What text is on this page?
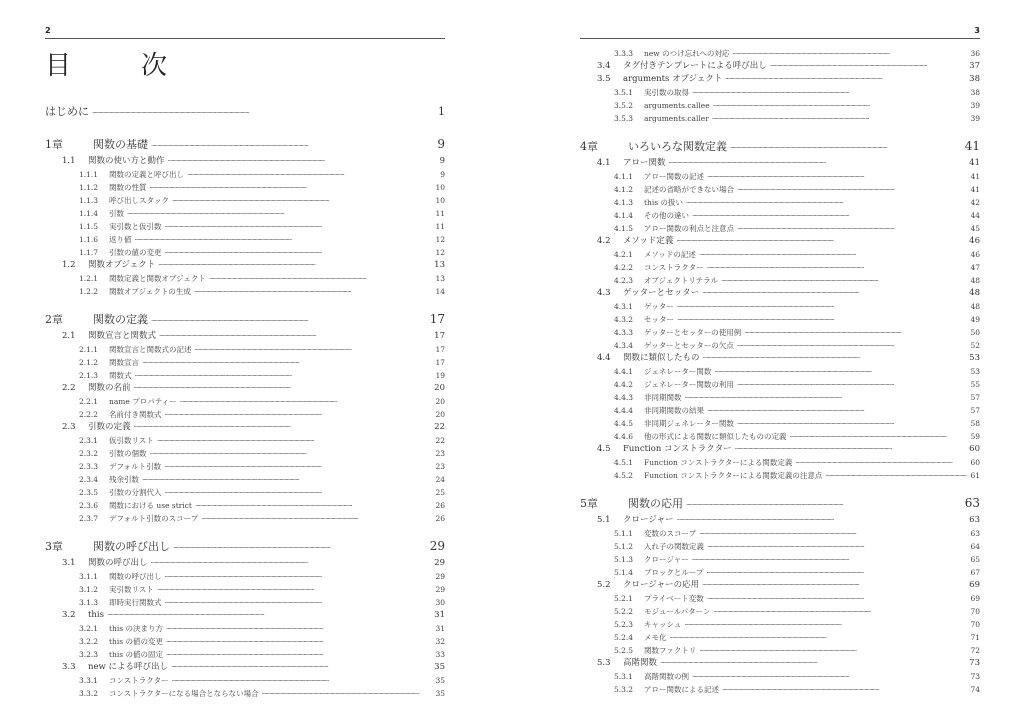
2
目　次
はじめに ·····	1
1章	関数の基礎 ·····	9
1.1	関数の使い方と動作 ·····	9
1.1.1	関数の定義と呼び出し ·····	9
1.1.2	関数の性質 ·····	10
1.1.3	呼び出しスタック ·····	10
1.1.4	引数 ·····	11
1.1.5	実引数と仮引数 ·····	11
1.1.6	返り値 ·····	12
1.1.7	引数の値の変更 ·····	12
1.2	関数オブジェクト ·····	13
1.2.1	関数定義と関数オブジェクト ·····	13
1.2.2	関数オブジェクトの生成 ·····	14
2章	関数の定義 ·····	17
2.1	関数宣言と関数式 ·····	17
2.1.1	関数宣言と関数式の記述 ·····	17
2.1.2	関数宣言 ·····	17
2.1.3	関数式 ·····	19
2.2	関数の名前 ·····	20
2.2.1	name プロパティー ·····	20
2.2.2	名前付き関数式 ·····	20
2.3	引数の定義 ·····	22
2.3.1	仮引数リスト ·····	22
2.3.2	引数の個数 ·····	23
2.3.3	デフォルト引数 ·····	23
2.3.4	残余引数 ·····	24
2.3.5	引数の分割代入 ·····	25
2.3.6	関数における use strict ·····	26
2.3.7	デフォルト引数のスコープ ·····	26
3章	関数の呼び出し ·····	29
3.1	関数の呼び出し ·····	29
3.1.1	関数の呼び出し ·····	29
3.1.2	実引数リスト ·····	29
3.1.3	即時実行関数式 ·····	30
3.2	this ·····	31
3.2.1	this の決まり方 ·····	31
3.2.2	this の値の変更 ·····	32
3.2.3	this の値の固定 ·····	33
3.3	new による呼び出し ·····	35
3.3.1	コンストラクター ·····	35
3.3.2	コンストラクターになる場合とならない場合 ·····	35
3
3.3.3	new のつけ忘れへの対応 ·····	36
3.4	タグ付きテンプレートによる呼び出し ·····	37
3.5	arguments オブジェクト ·····	38
3.5.1	実引数の取得 ·····	38
3.5.2	arguments.callee ·····	39
3.5.3	arguments.caller ·····	39
4章	いろいろな関数定義 ·····	41
4.1	アロー関数 ·····	41
4.1.1	アロー関数の記述 ·····	41
4.1.2	記述の省略ができない場合 ·····	41
4.1.3	this の扱い ·····	42
4.1.4	その他の違い ·····	44
4.1.5	アロー関数の利点と注意点 ·····	45
4.2	メソッド定義 ·····	46
4.2.1	メソッドの記述 ·····	46
4.2.2	コンストラクター ·····	47
4.2.3	オブジェクトリテラル ·····	48
4.3	ゲッターとセッター ·····	48
4.3.1	ゲッター ·····	48
4.3.2	セッター ·····	49
4.3.3	ゲッターとセッターの使用例 ·····	50
4.3.4	ゲッターとセッターの欠点 ·····	52
4.4	関数に類似したもの ·····	53
4.4.1	ジェネレーター関数 ·····	53
4.4.2	ジェネレーター関数の利用 ·····	55
4.4.3	非同期関数 ·····	57
4.4.4	非同期関数の結果 ·····	57
4.4.5	非同期ジェネレーター関数 ·····	58
4.4.6	他の形式による関数に類似したものの定義 ·····	59
4.5	Function コンストラクター ·····	60
4.5.1	Function コンストラクターによる関数定義 ·····	60
4.5.2	Function コンストラクターによる関数定義の注意点 ·····	61
5章	関数の応用 ·····	63
5.1	クロージャー ·····	63
5.1.1	変数のスコープ ·····	63
5.1.2	入れ子の関数定義 ·····	64
5.1.3	クロージャー ·····	65
5.1.4	ブロックとループ ·····	67
5.2	クロージャーの応用 ·····	69
5.2.1	プライベート変数 ·····	69
5.2.2	モジュールパターン ·····	70
5.2.3	キャッシュ ·····	70
5.2.4	メモ化 ·····	71
5.2.5	関数ファクトリ ·····	72
5.3	高階関数 ·····	73
5.3.1	高階関数の例 ·····	73
5.3.2	アロー関数による記述 ·····	74
